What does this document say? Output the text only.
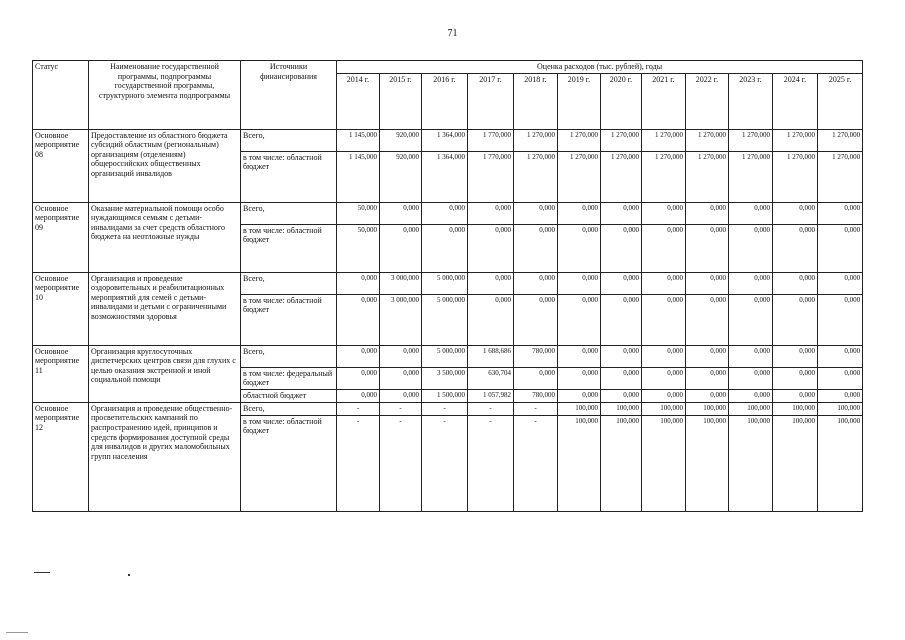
71
Статус	Наименование государственной программы, подпрограммы государственной программы, структурного элемента подпрограммы	Источники финансирования	Оценка расходов (тыс. рублей), годы											
			2014 г.	2015 г.	2016 г.	2017 г.	2018 г.	2019 г.	2020 г.	2021 г.	2022 г.	2023 г.	2024 г.	2025 г.
Основное мероприятие 08	Предоставление из областного бюджета субсидий областным (региональным) организациям (отделениям) общероссийских общественных организаций инвалидов	Всего,	1 145,000	920,000	1 364,000	1 770,000	1 270,000	1 270,000	1 270,000	1 270,000	1 270,000	1 270,000	1 270,000	1 270,000
		в том числе: областной бюджет	1 145,000	920,000	1 364,000	1 770,000	1 270,000	1 270,000	1 270,000	1 270,000	1 270,000	1 270,000	1 270,000	1 270,000
Основное мероприятие 09	Оказание материальной помощи особо нуждающимся семьям с детьми-инвалидами за счет средств областного бюджета на неотложные нужды	Всего,	50,000	0,000	0,000	0,000	0,000	0,000	0,000	0,000	0,000	0,000	0,000	0,000
		в том числе: областной бюджет	50,000	0,000	0,000	0,000	0,000	0,000	0,000	0,000	0,000	0,000	0,000	0,000
Основное мероприятие 10	Организация и проведение оздоровительных и реабилитационных мероприятий для семей с детьми-инвалидами и детьми с ограниченными возможностями здоровья	Всего,	0,000	3 000,000	5 000,000	0,000	0,000	0,000	0,000	0,000	0,000	0,000	0,000	0,000
		в том числе: областной бюджет	0,000	3 000,000	5 000,000	0,000	0,000	0,000	0,000	0,000	0,000	0,000	0,000	0,000
Основное мероприятие 11	Организация круглосуточных диспетчерских центров связи для глухих с целью оказания экстренной и иной социальной помощи	Всего,	0,000	0,000	5 000,000	1 688,686	780,000	0,000	0,000	0,000	0,000	0,000	0,000	0,000
		в том числе: федеральный бюджет	0,000	0,000	3 500,000	630,704	0,000	0,000	0,000	0,000	0,000	0,000	0,000	0,000
		областной бюджет	0,000	0,000	1 500,000	1 057,982	780,000	0,000	0,000	0,000	0,000	0,000	0,000	0,000
Основное мероприятие 12	Организация и проведение общественно-просветительских кампаний по распространению идей, принципов и средств формирования доступной среды для инвалидов и других маломобильных групп населения	Всего,	-	-	-	-	-	100,000	100,000	100,000	100,000	100,000	100,000	100,000
		в том числе: областной бюджет	-	-	-	-	-	100,000	100,000	100,000	100,000	100,000	100,000	100,000
